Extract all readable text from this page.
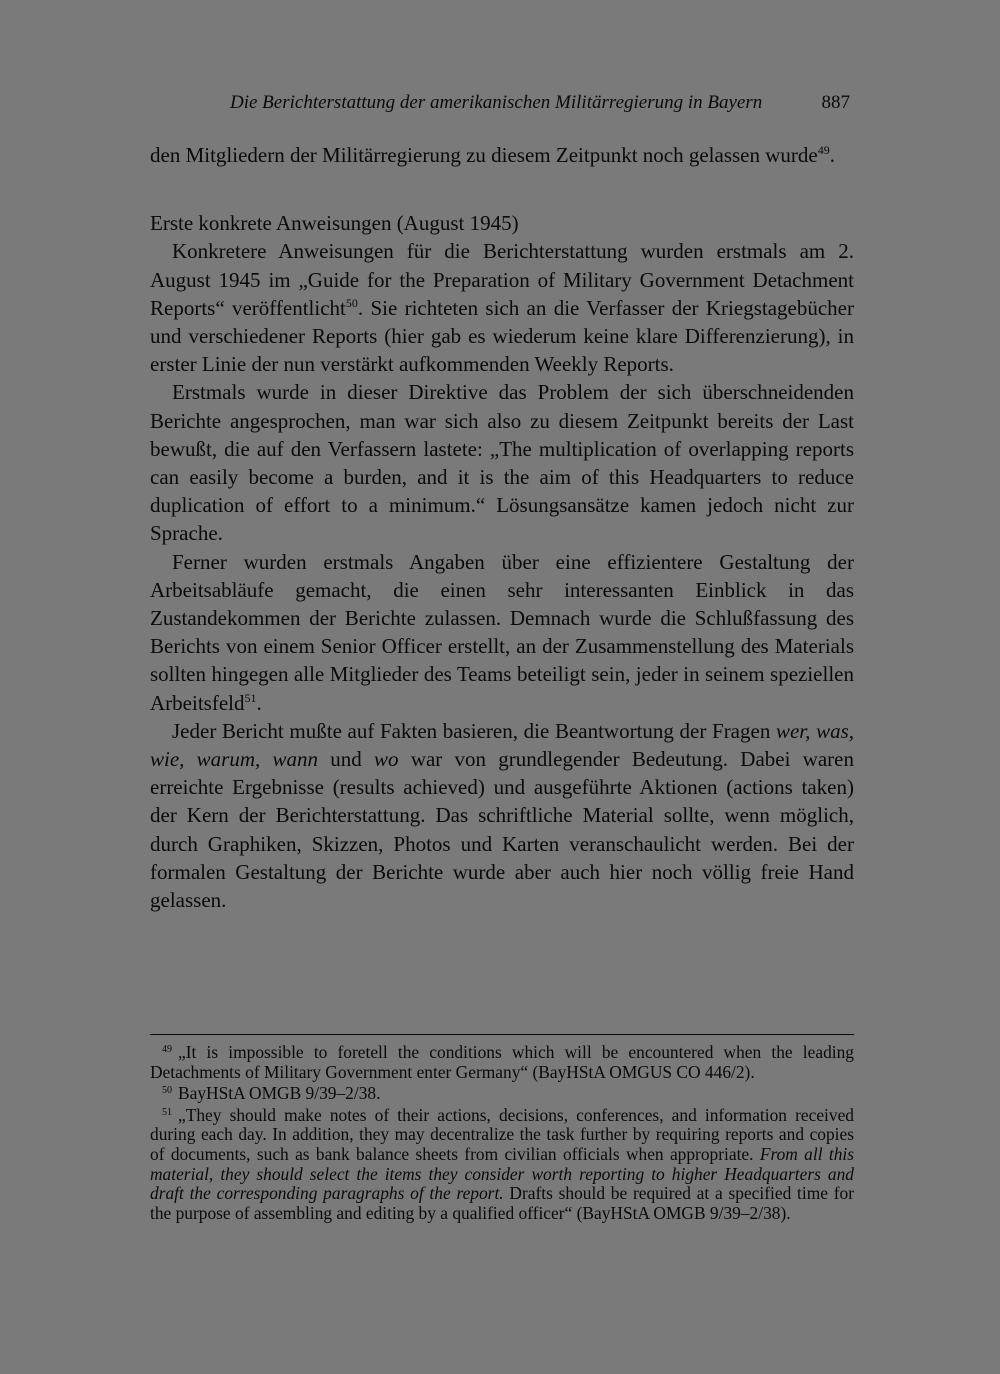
Die Berichterstattung der amerikanischen Militärregierung in Bayern	887

den Mitgliedern der Militärregierung zu diesem Zeitpunkt noch gelassen wurde$^{49}$.

Erste konkrete Anweisungen (August 1945)

Konkretere Anweisungen für die Berichterstattung wurden erstmals am 2. August 1945 im „Guide for the Preparation of Military Government Detachment Reports“ veröffentlicht$^{50}$. Sie richteten sich an die Verfasser der Kriegstagebücher und verschiedener Reports (hier gab es wiederum keine klare Differenzierung), in erster Linie der nun verstärkt aufkommenden Weekly Reports.

Erstmals wurde in dieser Direktive das Problem der sich überschneidenden Berichte angesprochen, man war sich also zu diesem Zeitpunkt bereits der Last bewußt, die auf den Verfassern lastete: „The multiplication of overlapping reports can easily become a burden, and it is the aim of this Headquarters to reduce duplication of effort to a minimum.“ Lösungsansätze kamen jedoch nicht zur Sprache.

Ferner wurden erstmals Angaben über eine effizientere Gestaltung der Arbeitsabläufe gemacht, die einen sehr interessanten Einblick in das Zustandekommen der Berichte zulassen. Demnach wurde die Schlußfassung des Berichts von einem Senior Officer erstellt, an der Zusammenstellung des Materials sollten hingegen alle Mitglieder des Teams beteiligt sein, jeder in seinem speziellen Arbeitsfeld$^{51}$.

Jeder Bericht mußte auf Fakten basieren, die Beantwortung der Fragen wer, was, wie, warum, wann und wo war von grundlegender Bedeutung. Dabei waren erreichte Ergebnisse (results achieved) und ausgeführte Aktionen (actions taken) der Kern der Berichterstattung. Das schriftliche Material sollte, wenn möglich, durch Graphiken, Skizzen, Photos und Karten veranschaulicht werden. Bei der formalen Gestaltung der Berichte wurde aber auch hier noch völlig freie Hand gelassen.

$^{49}$ „It is impossible to foretell the conditions which will be encountered when the leading Detachments of Military Government enter Germany“ (BayHStA OMGUS CO 446/2).

$^{50}$ BayHStA OMGB 9/39–2/38.

$^{51}$ „They should make notes of their actions, decisions, conferences, and information received during each day. In addition, they may decentralize the task further by requiring reports and copies of documents, such as bank balance sheets from civilian officials when appropriate. From all this material, they should select the items they consider worth reporting to higher Headquarters and draft the corresponding paragraphs of the report. Drafts should be required at a specified time for the purpose of assembling and editing by a qualified officer“ (BayHStA OMGB 9/39–2/38).
